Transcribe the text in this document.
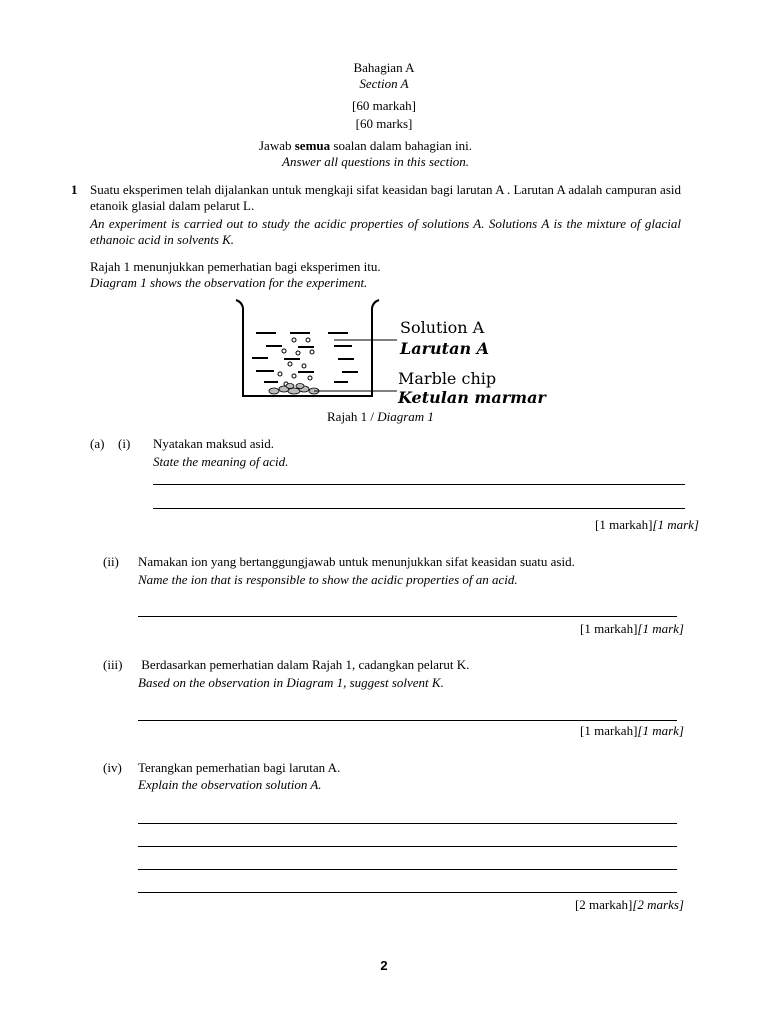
Bahagian A
Section A
[60 markah]
[60 marks]
Jawab semua soalan dalam bahagian ini.
Answer all questions in this section.
1 Suatu eksperimen telah dijalankan untuk mengkaji sifat keasidan bagi larutan A . Larutan A adalah campuran asid etanoik glasial dalam pelarut L.
An experiment is carried out to study the acidic properties of solutions A. Solutions A is the mixture of glacial ethanoic acid in solvents K.
Rajah 1 menunjukkan pemerhatian bagi eksperimen itu.
Diagram 1 shows the observation for the experiment.
Solution A
Larutan A
Marble chip
Ketulan marmar
Rajah 1 / Diagram 1
(a) (i) Nyatakan maksud asid.
State the meaning of acid.
[1 markah][1 mark]
(ii) Namakan ion yang bertanggungjawab untuk menunjukkan sifat keasidan suatu asid.
Name the ion that is responsible to show the acidic properties of an acid.
[1 markah][1 mark]
(iii) Berdasarkan pemerhatian dalam Rajah 1, cadangkan pelarut K.
Based on the observation in Diagram 1, suggest solvent K.
[1 markah][1 mark]
(iv) Terangkan pemerhatian bagi larutan A.
Explain the observation solution A.
[2 markah][2 marks]
2
